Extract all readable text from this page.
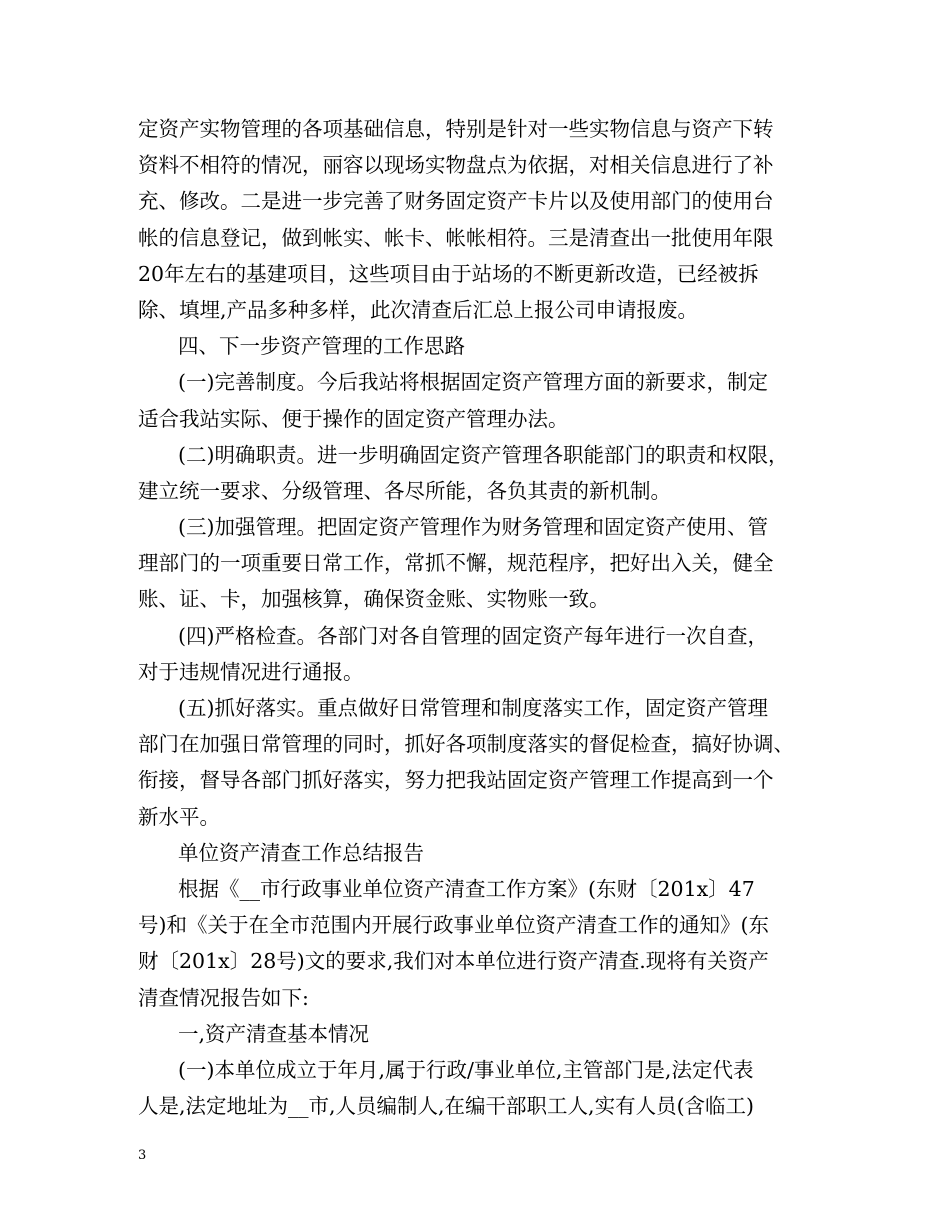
定资产实物管理的各项基础信息，特别是针对一些实物信息与资产下转
资料不相符的情况，丽容以现场实物盘点为依据，对相关信息进行了补
充、修改。二是进一步完善了财务固定资产卡片以及使用部门的使用台
帐的信息登记，做到帐实、帐卡、帐帐相符。三是清查出一批使用年限
20年左右的基建项目，这些项目由于站场的不断更新改造，已经被拆
除、填埋,产品多种多样，此次清查后汇总上报公司申请报废。
四、下一步资产管理的工作思路
(一)完善制度。今后我站将根据固定资产管理方面的新要求，制定
适合我站实际、便于操作的固定资产管理办法。
(二)明确职责。进一步明确固定资产管理各职能部门的职责和权限，
建立统一要求、分级管理、各尽所能，各负其责的新机制。
(三)加强管理。把固定资产管理作为财务管理和固定资产使用、管
理部门的一项重要日常工作，常抓不懈，规范程序，把好出入关，健全
账、证、卡，加强核算，确保资金账、实物账一致。
(四)严格检查。各部门对各自管理的固定资产每年进行一次自查，
对于违规情况进行通报。
(五)抓好落实。重点做好日常管理和制度落实工作，固定资产管理
部门在加强日常管理的同时，抓好各项制度落实的督促检查，搞好协调、
衔接，督导各部门抓好落实，努力把我站固定资产管理工作提高到一个
新水平。
单位资产清查工作总结报告
根据《__市行政事业单位资产清查工作方案》(东财〔201x〕47
号)和《关于在全市范围内开展行政事业单位资产清查工作的通知》(东
财〔201x〕28号)文的要求,我们对本单位进行资产清查.现将有关资产
清查情况报告如下:
一,资产清查基本情况
(一)本单位成立于年月,属于行政/事业单位,主管部门是,法定代表
人是,法定地址为__市,人员编制人,在编干部职工人,实有人员(含临工)
3
